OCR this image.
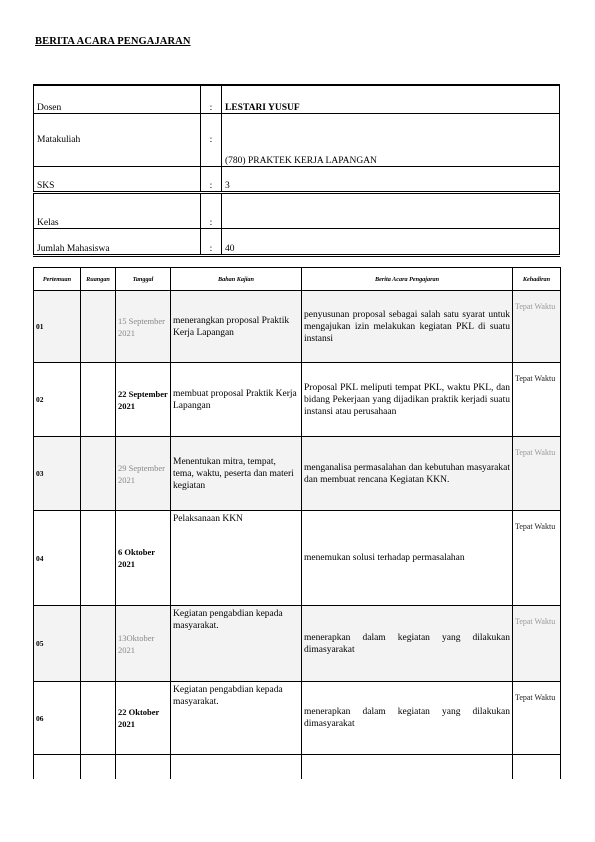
BERITA ACARA PENGAJARAN
Dosen	:	LESTARI YUSUF
Matakuliah	:	(780) PRAKTEK KERJA LAPANGAN
SKS	:	3
Kelas	:	
Jumlah Mahasiswa	:	40
Pertemuan	Ruangan	Tanggal	Bahan Kajian	Berita Acara Pengajaran	Kehadiran
01		15 September 2021	menerangkan proposal Praktik Kerja Lapangan	penyusunan proposal sebagai salah satu syarat untuk mengajukan izin melakukan kegiatan PKL di suatu instansi	Tepat Waktu
02		22 September 2021	membuat proposal Praktik Kerja Lapangan	Proposal PKL meliputi tempat PKL, waktu PKL, dan bidang Pekerjaan yang dijadikan praktik kerjadi suatu instansi atau perusahaan	Tepat Waktu
03		29 September 2021	Menentukan mitra, tempat, tema, waktu, peserta dan materi kegiatan	menganalisa permasalahan dan kebutuhan masyarakat dan membuat rencana Kegiatan KKN.	Tepat Waktu
04		6 Oktober 2021	Pelaksanaan KKN	menemukan solusi terhadap permasalahan	Tepat Waktu
05		13Oktober 2021	Kegiatan pengabdian kepada masyarakat.	menerapkan dalam kegiatan yang dilakukan dimasyarakat	Tepat Waktu
06		22 Oktober 2021	Kegiatan pengabdian kepada masyarakat.	menerapkan dalam kegiatan yang dilakukan dimasyarakat	Tepat Waktu
